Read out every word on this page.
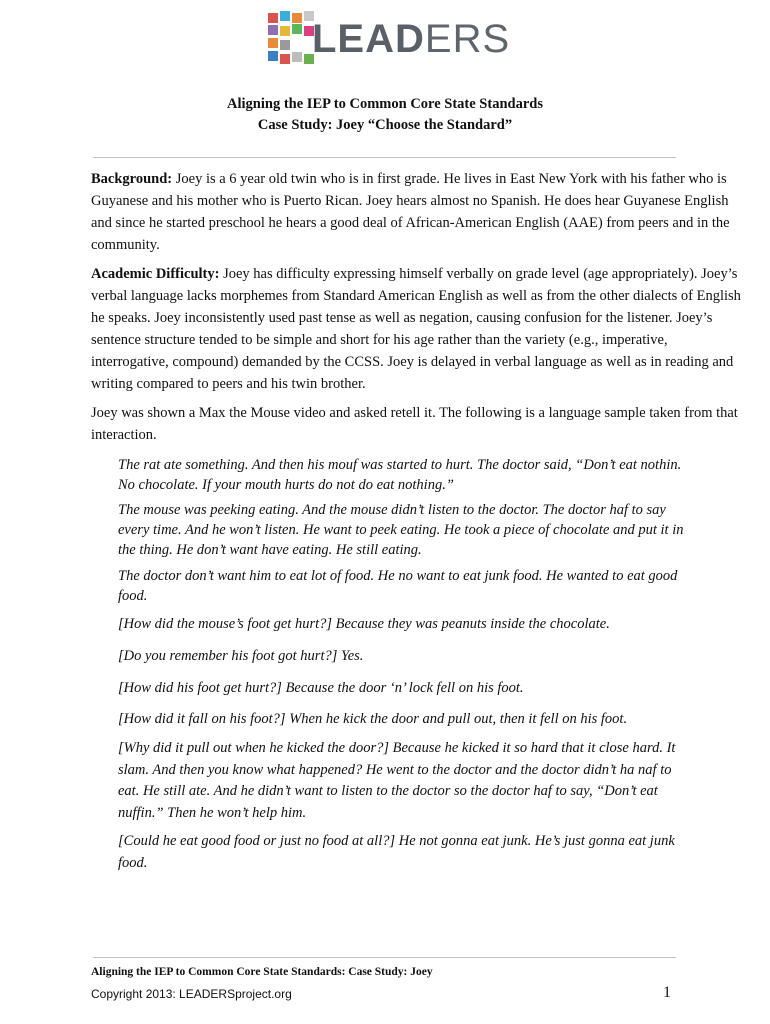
LEADERS
Aligning the IEP to Common Core State Standards
Case Study: Joey “Choose the Standard”

Background: Joey is a 6 year old twin who is in first grade. He lives in East New York with his father who is Guyanese and his mother who is Puerto Rican. Joey hears almost no Spanish. He does hear Guyanese English and since he started preschool he hears a good deal of African-American English (AAE) from peers and in the community.

Academic Difficulty: Joey has difficulty expressing himself verbally on grade level (age appropriately). Joey’s verbal language lacks morphemes from Standard American English as well as from the other dialects of English he speaks. Joey inconsistently used past tense as well as negation, causing confusion for the listener. Joey’s sentence structure tended to be simple and short for his age rather than the variety (e.g., imperative, interrogative, compound) demanded by the CCSS. Joey is delayed in verbal language as well as in reading and writing compared to peers and his twin brother.

Joey was shown a Max the Mouse video and asked retell it. The following is a language sample taken from that interaction.

The rat ate something. And then his mouf was started to hurt. The doctor said, “Don’t eat nothin. No chocolate. If your mouth hurts do not do eat nothing.”

The mouse was peeking eating. And the mouse didn’t listen to the doctor. The doctor haf to say every time. And he won’t listen. He want to peek eating. He took a piece of chocolate and put it in the thing. He don’t want have eating. He still eating.

The doctor don’t want him to eat lot of food. He no want to eat junk food. He wanted to eat good food.

[How did the mouse’s foot get hurt?] Because they was peanuts inside the chocolate.

[Do you remember his foot got hurt?] Yes.

[How did his foot get hurt?] Because the door ‘n’ lock fell on his foot.

[How did it fall on his foot?] When he kick the door and pull out, then it fell on his foot.

[Why did it pull out when he kicked the door?] Because he kicked it so hard that it close hard. It slam. And then you know what happened? He went to the doctor and the doctor didn’t ha naf to eat. He still ate. And he didn’t want to listen to the doctor so the doctor haf to say, “Don’t eat nuffin.” Then he won’t help him.

[Could he eat good food or just no food at all?] He not gonna eat junk. He’s just gonna eat junk food.

Aligning the IEP to Common Core State Standards: Case Study: Joey
Copyright 2013: LEADERSproject.org	1
